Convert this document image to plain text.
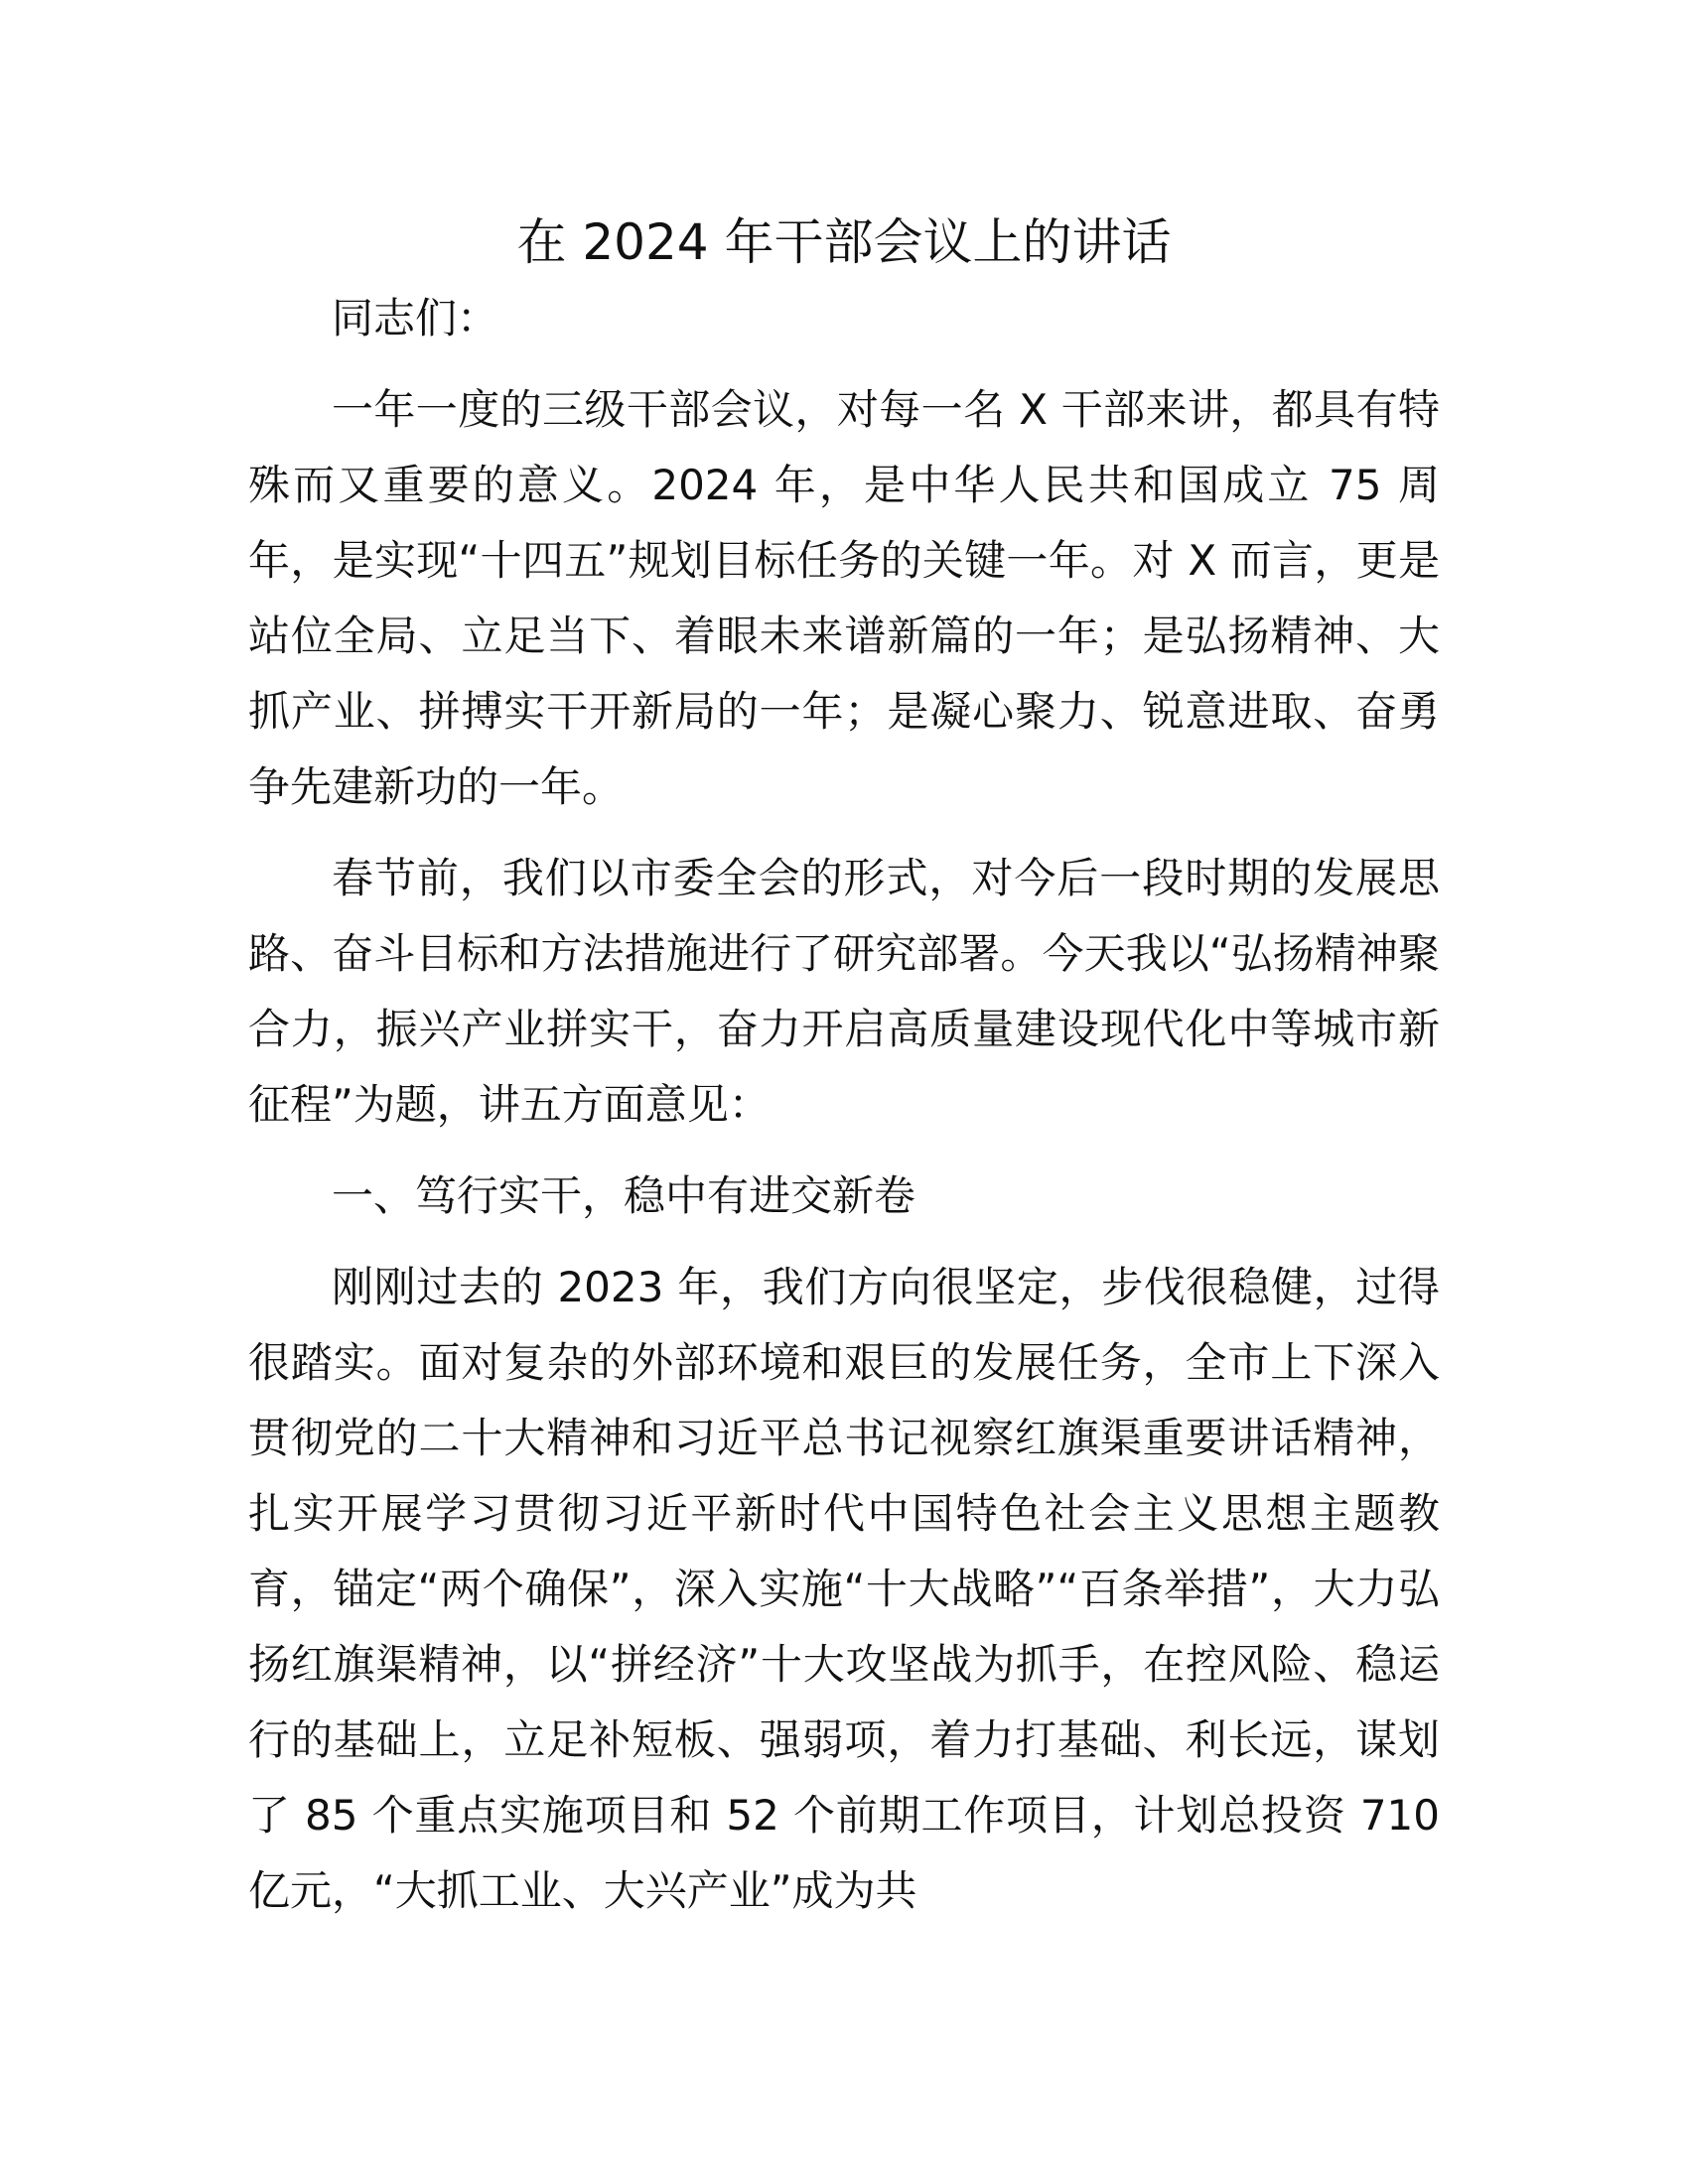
在 2024 年干部会议上的讲话

同志们：

一年一度的三级干部会议，对每一名 X 干部来讲，都具有特殊而又重要的意义。2024 年，是中华人民共和国成立 75 周年，是实现“十四五”规划目标任务的关键一年。对 X 而言，更是站位全局、立足当下、着眼未来谱新篇的一年；是弘扬精神、大抓产业、拼搏实干开新局的一年；是凝心聚力、锐意进取、奋勇争先建新功的一年。

春节前，我们以市委全会的形式，对今后一段时期的发展思路、奋斗目标和方法措施进行了研究部署。今天我以“弘扬精神聚合力，振兴产业拼实干，奋力开启高质量建设现代化中等城市新征程”为题，讲五方面意见：

一、笃行实干，稳中有进交新卷

刚刚过去的 2023 年，我们方向很坚定，步伐很稳健，过得很踏实。面对复杂的外部环境和艰巨的发展任务，全市上下深入贯彻党的二十大精神和习近平总书记视察红旗渠重要讲话精神，扎实开展学习贯彻习近平新时代中国特色社会主义思想主题教育，锚定“两个确保”，深入实施“十大战略”“百条举措”，大力弘扬红旗渠精神，以“拼经济”十大攻坚战为抓手，在控风险、稳运行的基础上，立足补短板、强弱项，着力打基础、利长远，谋划了 85 个重点实施项目和 52 个前期工作项目，计划总投资 710 亿元，“大抓工业、大兴产业”成为共
